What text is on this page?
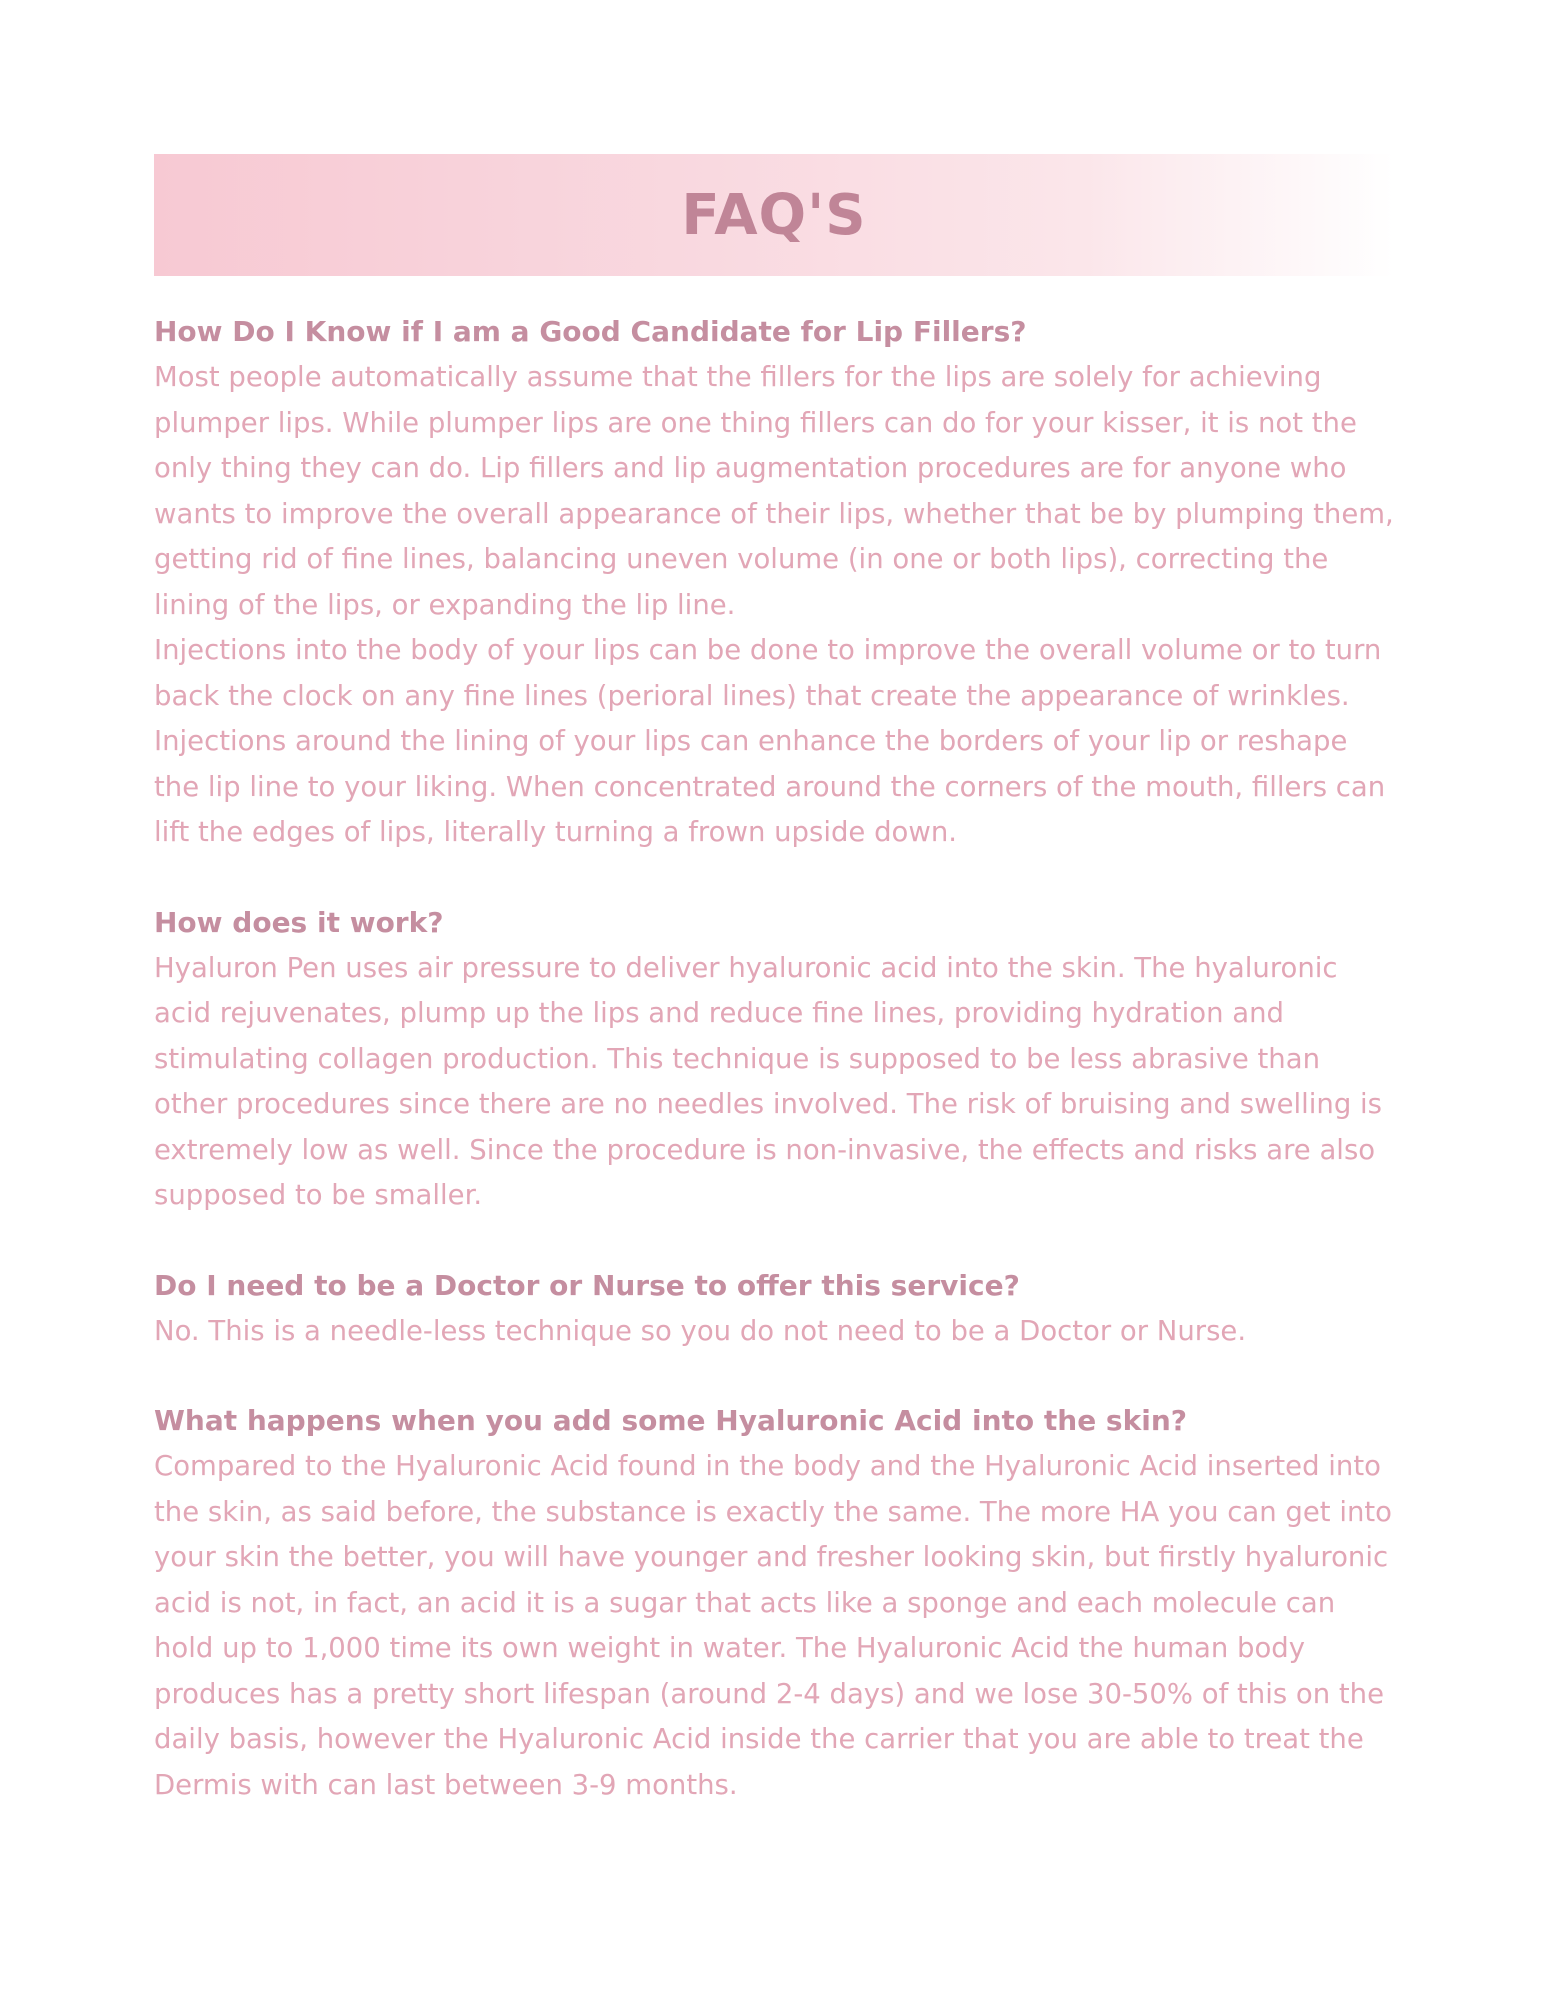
FAQ'S

How Do I Know if I am a Good Candidate for Lip Fillers?

Most people automatically assume that the fillers for the lips are solely for achieving plumper lips. While plumper lips are one thing fillers can do for your kisser, it is not the only thing they can do. Lip fillers and lip augmentation procedures are for anyone who wants to improve the overall appearance of their lips, whether that be by plumping them, getting rid of fine lines, balancing uneven volume (in one or both lips), correcting the lining of the lips, or expanding the lip line.

Injections into the body of your lips can be done to improve the overall volume or to turn back the clock on any fine lines (perioral lines) that create the appearance of wrinkles. Injections around the lining of your lips can enhance the borders of your lip or reshape the lip line to your liking. When concentrated around the corners of the mouth, fillers can lift the edges of lips, literally turning a frown upside down.

How does it work?

Hyaluron Pen uses air pressure to deliver hyaluronic acid into the skin. The hyaluronic acid rejuvenates, plump up the lips and reduce fine lines, providing hydration and stimulating collagen production. This technique is supposed to be less abrasive than other procedures since there are no needles involved. The risk of bruising and swelling is extremely low as well. Since the procedure is non-invasive, the effects and risks are also supposed to be smaller.

Do I need to be a Doctor or Nurse to offer this service?

No. This is a needle-less technique so you do not need to be a Doctor or Nurse.

What happens when you add some Hyaluronic Acid into the skin?

Compared to the Hyaluronic Acid found in the body and the Hyaluronic Acid inserted into the skin, as said before, the substance is exactly the same. The more HA you can get into your skin the better, you will have younger and fresher looking skin, but firstly hyaluronic acid is not, in fact, an acid it is a sugar that acts like a sponge and each molecule can hold up to 1,000 time its own weight in water. The Hyaluronic Acid the human body produces has a pretty short lifespan (around 2-4 days) and we lose 30-50% of this on the daily basis, however the Hyaluronic Acid inside the carrier that you are able to treat the Dermis with can last between 3-9 months.
